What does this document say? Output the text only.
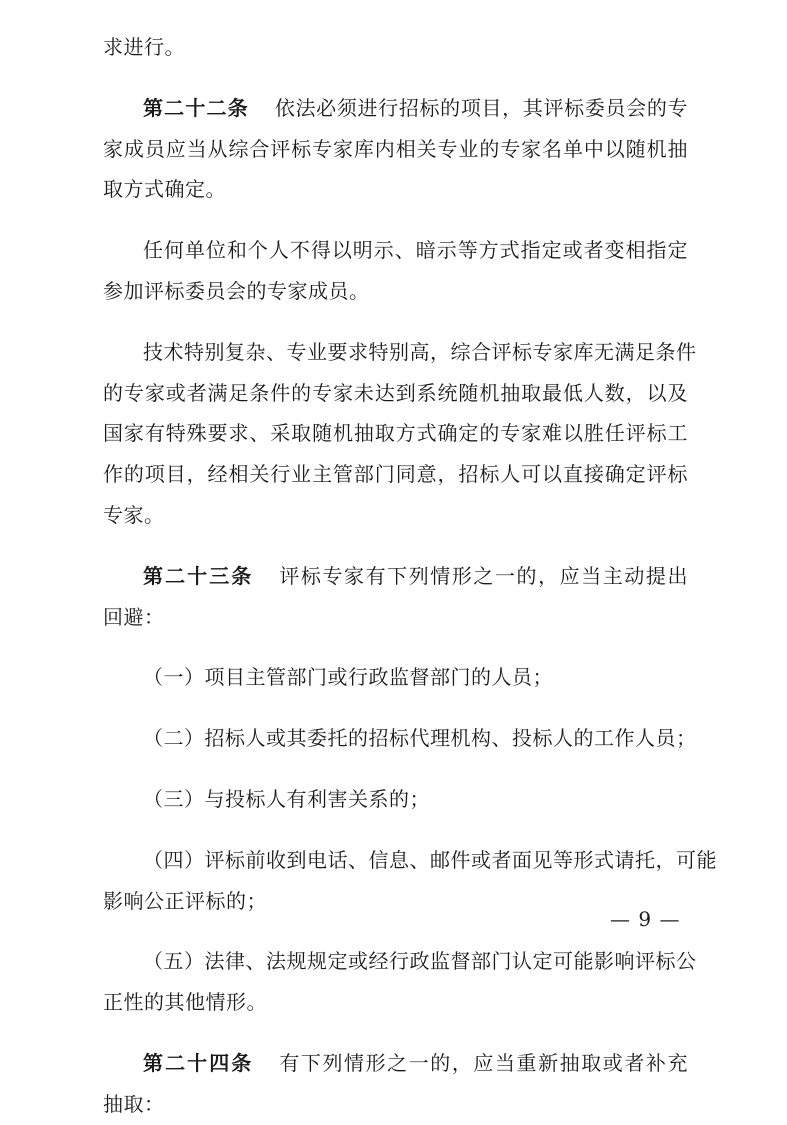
求进行。
第二十二条 依法必须进行招标的项目，其评标委员会的专
家成员应当从综合评标专家库内相关专业的专家名单中以随机抽
取方式确定。
任何单位和个人不得以明示、暗示等方式指定或者变相指定
参加评标委员会的专家成员。
技术特别复杂、专业要求特别高，综合评标专家库无满足条件
的专家或者满足条件的专家未达到系统随机抽取最低人数，以及
国家有特殊要求、采取随机抽取方式确定的专家难以胜任评标工
作的项目，经相关行业主管部门同意，招标人可以直接确定评标
专家。
第二十三条 评标专家有下列情形之一的，应当主动提出
回避：
（一）项目主管部门或行政监督部门的人员；
（二）招标人或其委托的招标代理机构、投标人的工作人员；
（三）与投标人有利害关系的；
（四）评标前收到电话、信息、邮件或者面见等形式请托，可能
影响公正评标的；
（五）法律、法规规定或经行政监督部门认定可能影响评标公
正性的其他情形。
第二十四条 有下列情形之一的，应当重新抽取或者补充
抽取：
— 9 —
